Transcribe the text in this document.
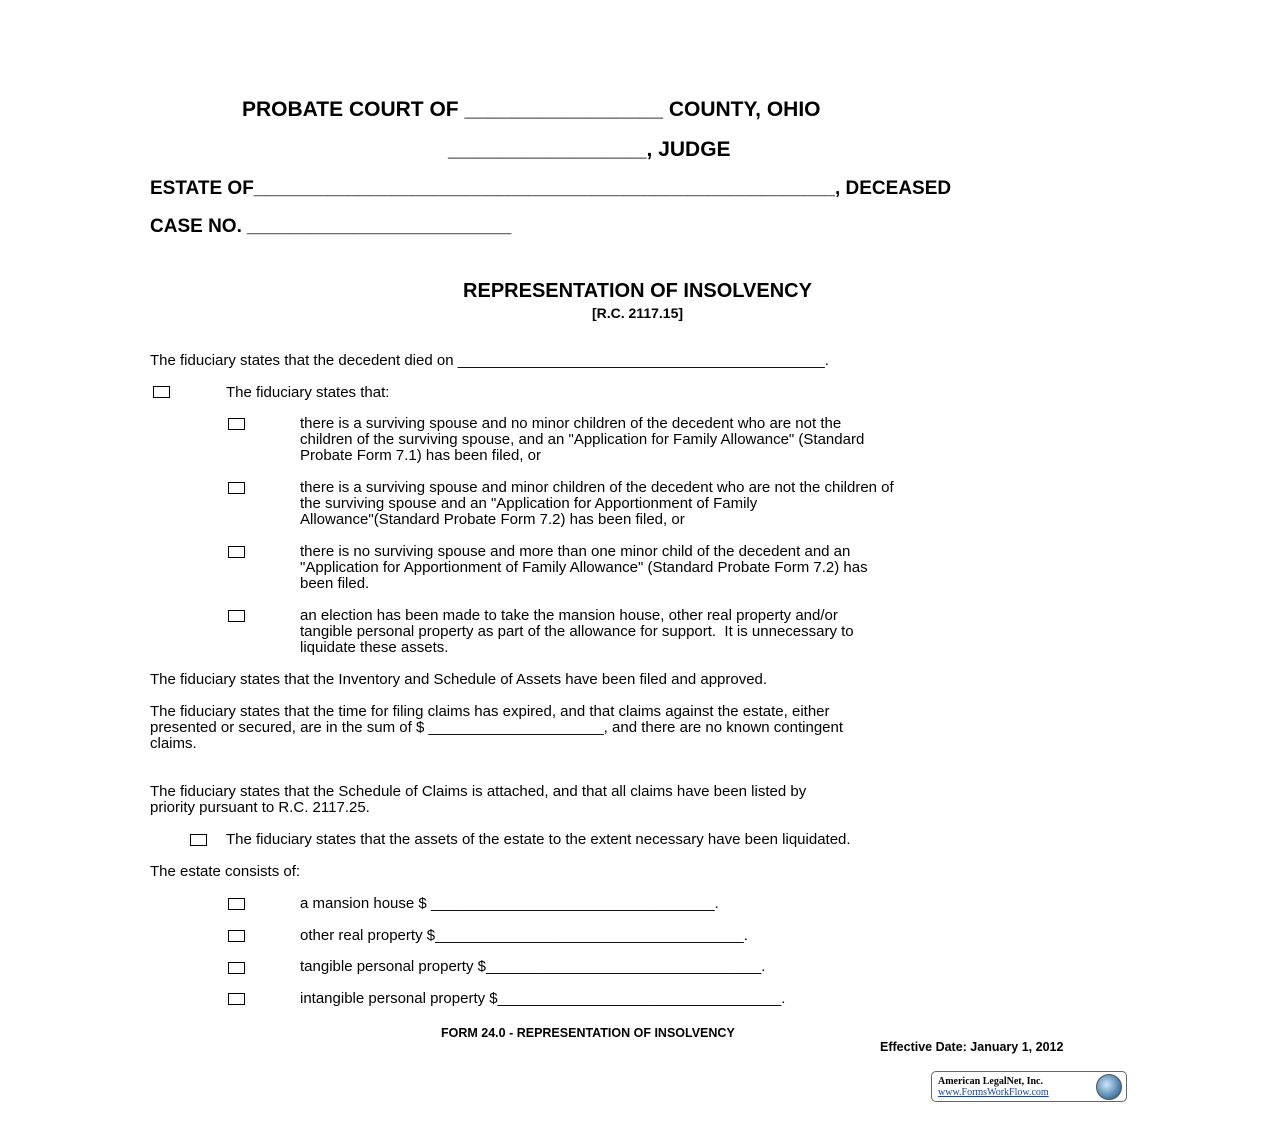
PROBATE COURT OF _________________ COUNTY, OHIO
_________________, JUDGE
ESTATE OF_______________________________________________________, DECEASED
CASE NO. _________________________
REPRESENTATION OF INSOLVENCY
[R.C. 2117.15]
The fiduciary states that the decedent died on ____________________________________________.
The fiduciary states that:
there is a surviving spouse and no minor children of the decedent who are not the
children of the surviving spouse, and an "Application for Family Allowance" (Standard
Probate Form 7.1) has been filed, or
there is a surviving spouse and minor children of the decedent who are not the children of
the surviving spouse and an "Application for Apportionment of Family
Allowance"(Standard Probate Form 7.2) has been filed, or
there is no surviving spouse and more than one minor child of the decedent and an
"Application for Apportionment of Family Allowance" (Standard Probate Form 7.2) has
been filed.
an election has been made to take the mansion house, other real property and/or
tangible personal property as part of the allowance for support.  It is unnecessary to
liquidate these assets.
The fiduciary states that the Inventory and Schedule of Assets have been filed and approved.
The fiduciary states that the time for filing claims has expired, and that claims against the estate, either
presented or secured, are in the sum of $ _____________________, and there are no known contingent
claims.
The fiduciary states that the Schedule of Claims is attached, and that all claims have been listed by
priority pursuant to R.C. 2117.25.
The fiduciary states that the assets of the estate to the extent necessary have been liquidated.
The estate consists of:
a mansion house $ __________________________________.
other real property $_____________________________________.
tangible personal property $_________________________________.
intangible personal property $__________________________________.
FORM 24.0 - REPRESENTATION OF INSOLVENCY
Effective Date: January 1, 2012
American LegalNet, Inc.
www.FormsWorkFlow.com
